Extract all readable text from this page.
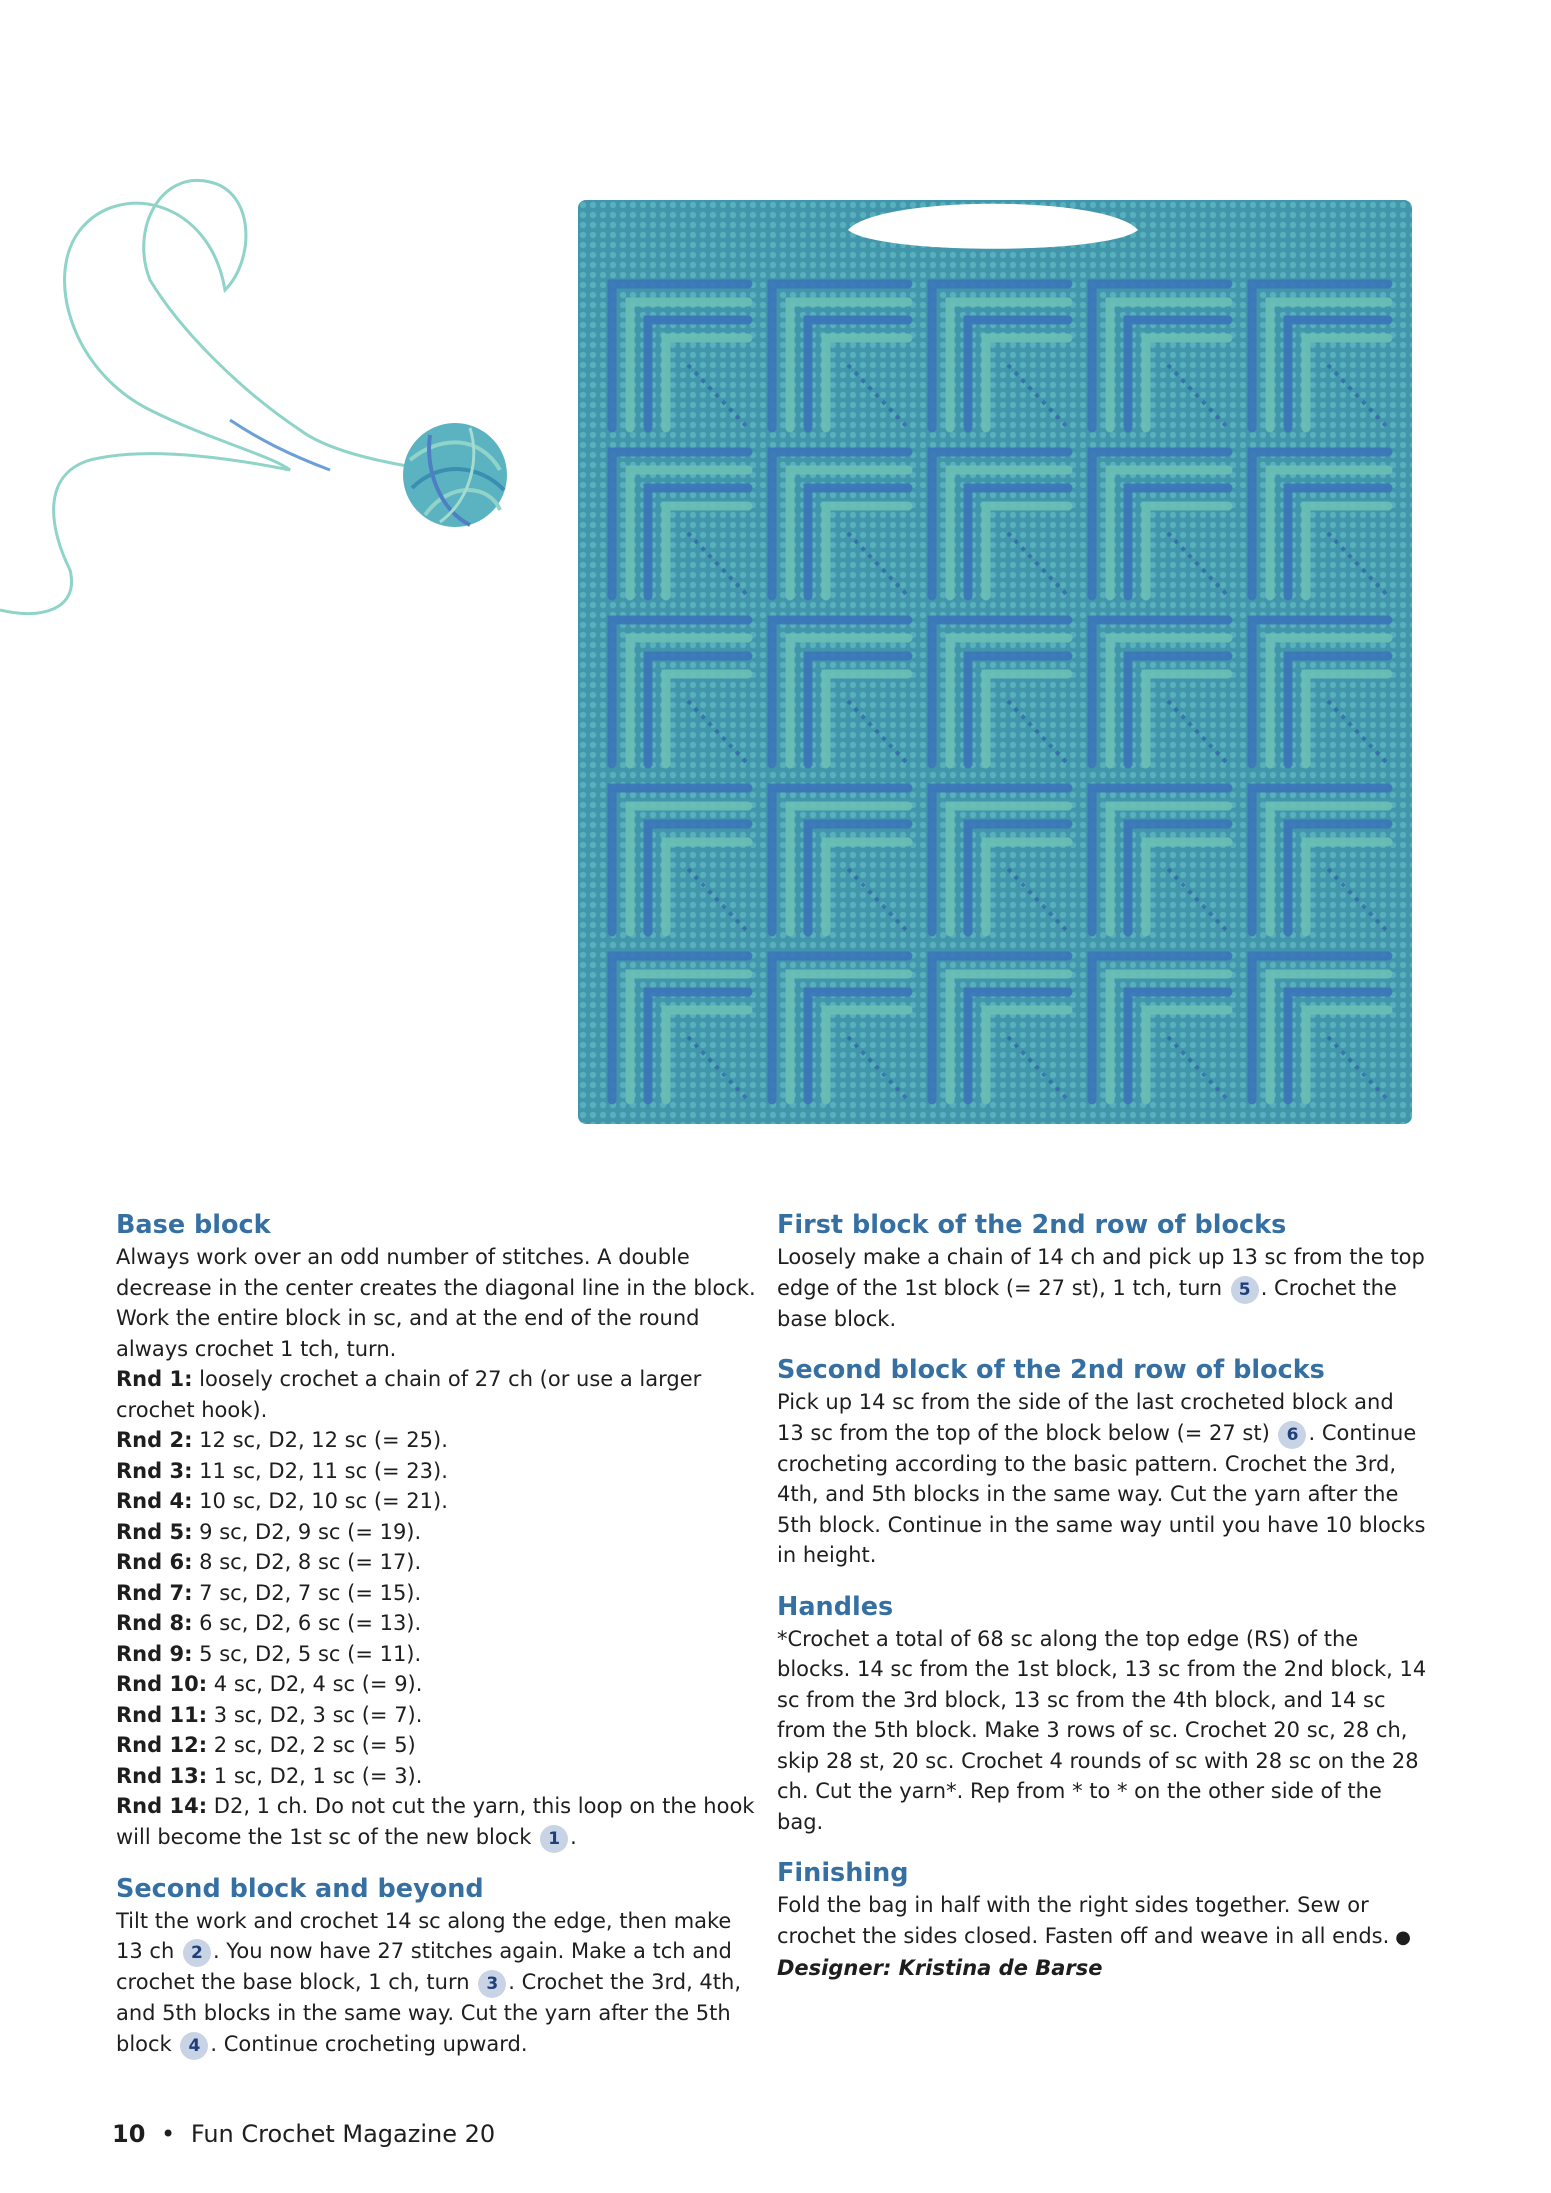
Base block

Always work over an odd number of stitches. A double decrease in the center creates the diagonal line in the block. Work the entire block in sc, and at the end of the round always crochet 1 tch, turn.

Rnd 1: loosely crochet a chain of 27 ch (or use a larger crochet hook).

Rnd 2: 12 sc, D2, 12 sc (= 25).

Rnd 3: 11 sc, D2, 11 sc (= 23).

Rnd 4: 10 sc, D2, 10 sc (= 21).

Rnd 5: 9 sc, D2, 9 sc (= 19).

Rnd 6: 8 sc, D2, 8 sc (= 17).

Rnd 7: 7 sc, D2, 7 sc (= 15).

Rnd 8: 6 sc, D2, 6 sc (= 13).

Rnd 9: 5 sc, D2, 5 sc (= 11).

Rnd 10: 4 sc, D2, 4 sc (= 9).

Rnd 11: 3 sc, D2, 3 sc (= 7).

Rnd 12: 2 sc, D2, 2 sc (= 5)

Rnd 13: 1 sc, D2, 1 sc (= 3).

Rnd 14: D2, 1 ch. Do not cut the yarn, this loop on the hook will become the 1st sc of the new block 1 .

Second block and beyond

Tilt the work and crochet 14 sc along the edge, then make 13 ch 2 . You now have 27 stitches again. Make a tch and crochet the base block, 1 ch, turn 3 . Crochet the 3rd, 4th, and 5th blocks in the same way. Cut the yarn after the 5th block 4 . Continue crocheting upward.

First block of the 2nd row of blocks

Loosely make a chain of 14 ch and pick up 13 sc from the top edge of the 1st block (= 27 st), 1 tch, turn 5 . Crochet the base block.

Second block of the 2nd row of blocks

Pick up 14 sc from the side of the last crocheted block and 13 sc from the top of the block below (= 27 st) 6 . Continue crocheting according to the basic pattern. Crochet the 3rd, 4th, and 5th blocks in the same way. Cut the yarn after the 5th block. Continue in the same way until you have 10 blocks in height.

Handles

*Crochet a total of 68 sc along the top edge (RS) of the blocks. 14 sc from the 1st block, 13 sc from the 2nd block, 14 sc from the 3rd block, 13 sc from the 4th block, and 14 sc from the 5th block. Make 3 rows of sc. Crochet 20 sc, 28 ch, skip 28 st, 20 sc. Crochet 4 rounds of sc with 28 sc on the 28 ch. Cut the yarn*. Rep from * to * on the other side of the bag.

Finishing

Fold the bag in half with the right sides together. Sew or crochet the sides closed. Fasten off and weave in all ends. ●

Designer: Kristina de Barse

10 • Fun Crochet Magazine 20
